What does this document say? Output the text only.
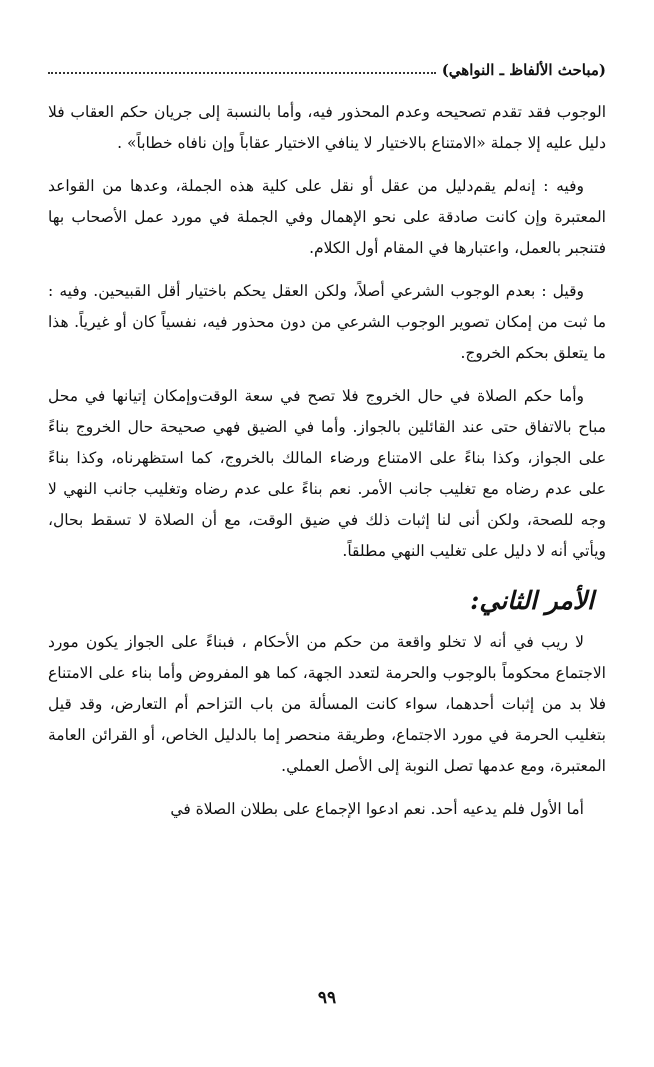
(مباحث الألفاظ ـ النواهي)

الوجوب فقد تقدم تصحيحه وعدم المحذور فيه، وأما بالنسبة إلى جريان حكم العقاب فلا دليل عليه إلا جملة «الامتناع بالاختيار لا ينافي الاختيار عقاباً وإن نافاه خطاباً» .

وفيه : إنه‌لم يقم‌دليل من عقل أو نقل على كلية هذه الجملة، وعدها من القواعد المعتبرة وإن كانت صادقة على نحو الإهمال وفي الجملة في مورد عمل الأصحاب بها فتنجبر بالعمل، واعتبارها في المقام أول الكلام.

وقيل : بعدم الوجوب الشرعي أصلاً، ولكن العقل يحكم باختيار أقل القبيحين. وفيه : ما ثبت من إمكان تصوير الوجوب الشرعي من دون محذور فيه، نفسياً كان أو غيرياً. هذا ما يتعلق بحكم الخروج.

وأما حكم الصلاة في حال الخروج فلا تصح في سعة الوقت‌وإمكان إتيانها في محل مباح بالاتفاق حتى عند القائلين بالجواز. وأما في الضيق فهي صحيحة حال الخروج بناءً على الجواز، وكذا بناءً على الامتناع ورضاء المالك بالخروج، كما استظهرناه، وكذا بناءً على عدم رضاه مع تغليب جانب الأمر. نعم بناءً على عدم رضاه وتغليب جانب النهي لا وجه للصحة، ولكن أنى لنا إثبات ذلك في ضيق الوقت، مع أن الصلاة لا تسقط بحال، ويأتي أنه لا دليل على تغليب النهي مطلقاً.

الأمر الثاني:

لا ريب في أنه لا تخلو واقعة من حكم من الأحكام ، فبناءً على الجواز يكون مورد الاجتماع محكوماً بالوجوب والحرمة لتعدد الجهة، كما هو المفروض وأما بناء على الامتناع فلا بد من إثبات أحدهما، سواء كانت المسألة من باب التزاحم أم التعارض، وقد قيل بتغليب الحرمة في مورد الاجتماع، وطريقة منحصر إما بالدليل الخاص، أو القرائن العامة المعتبرة، ومع عدمها تصل النوبة إلى الأصل العملي.

أما الأول فلم يدعيه أحد. نعم ادعوا الإجماع على بطلان الصلاة في

٩٩
